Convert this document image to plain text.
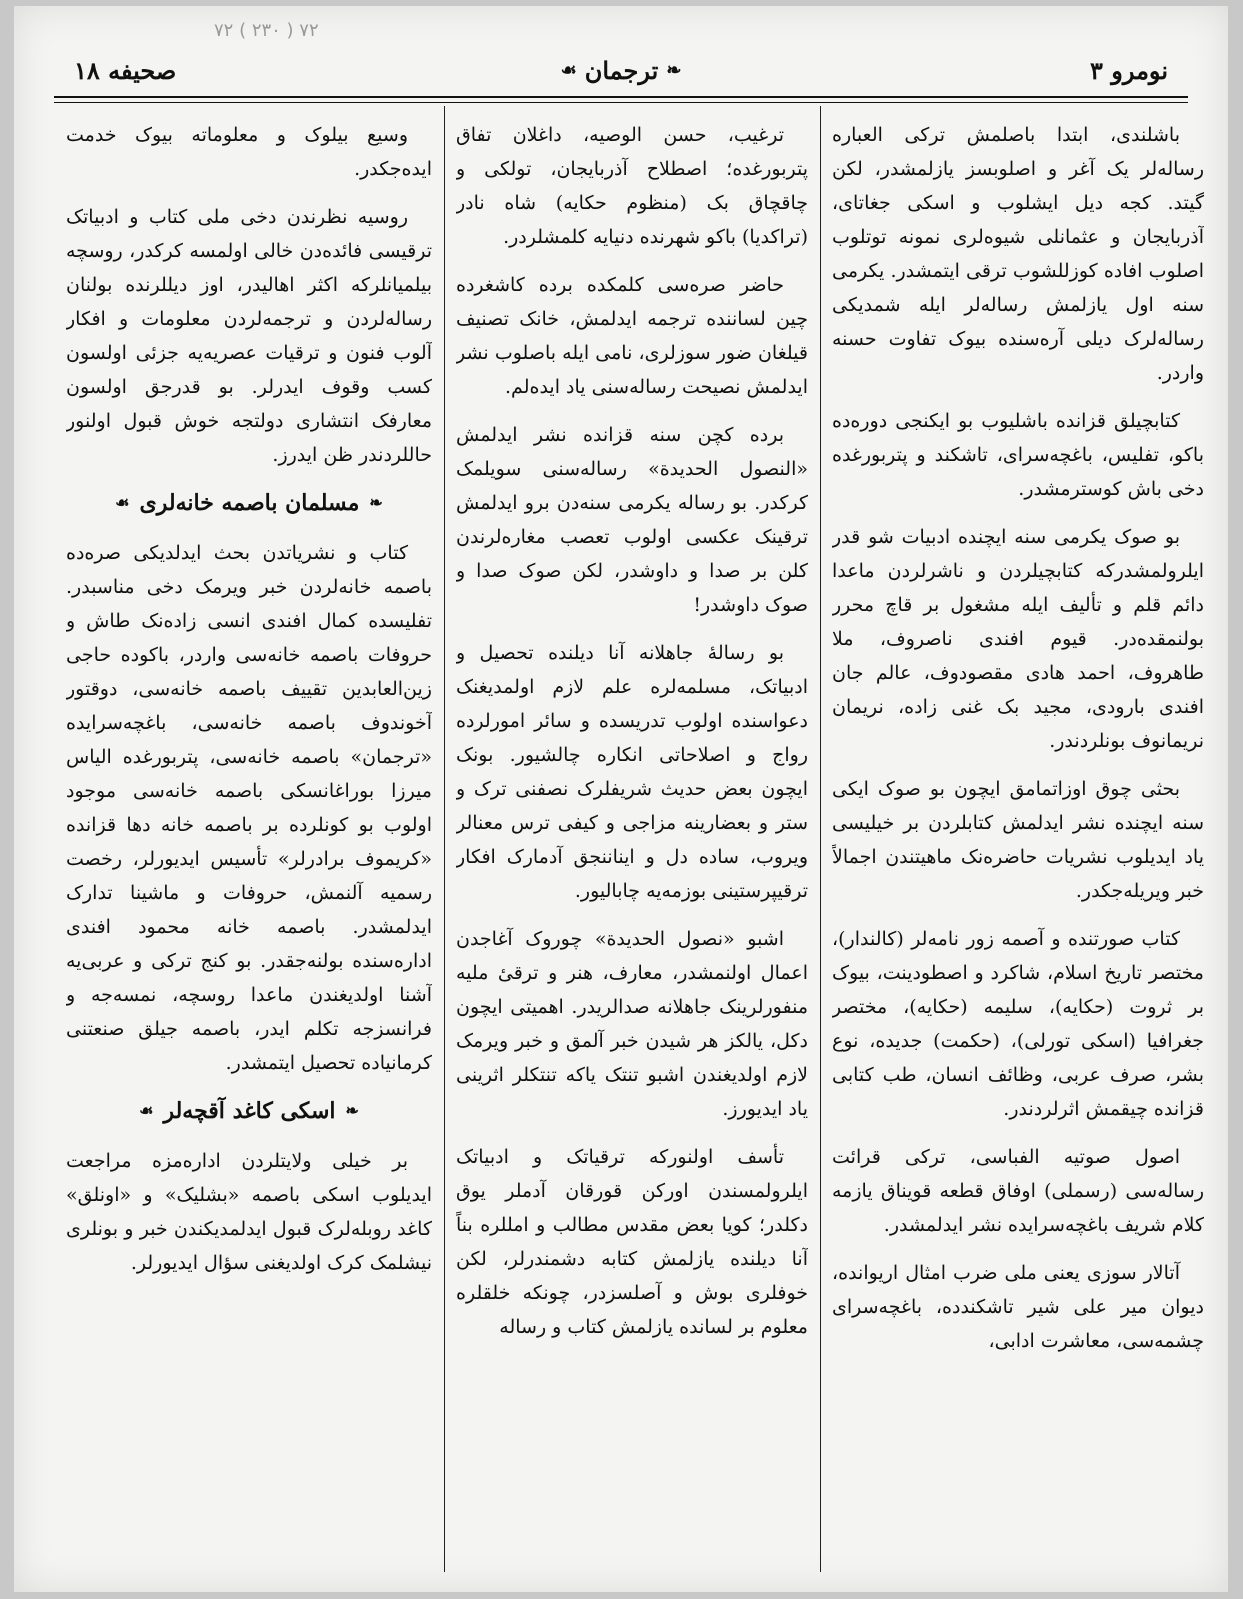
۷۲ ( ۲۳۰ ) ۷۲
نومرو ۳
❧
ترجمان
☙
صحیفه ۱۸

باشلندی، ابتدا باصلمش ترکی العباره رساله‌لر یک آغر و اصلوبسز یازلمشدر، لکن گیتد. کجه دیل ایشلوب و اسکی جغاتای، آذربایجان و عثمانلی شیوه‌لری نمونه توتلوب اصلوب افاده کوزللشوب ترقی ایتمشدر. یکرمی سنه اول یازلمش رساله‌لر ایله شمدیکی رساله‌لرک دیلی آره‌سنده بیوک تفاوت حسنه واردر.

کتابچیلق قزانده باشلیوب بو ایکنجی دوره‌ده باکو، تفلیس، باغچه‌سرای، تاشکند و پتربورغده دخی باش کوسترمشدر.

بو صوک یکرمی سنه ایچنده ادبیات شو قدر ایلرولمشدرکه کتابچیلردن و ناشرلردن ماعدا دائم قلم و تألیف ایله مشغول بر قاچ محرر بولنمقده‌در. قیوم افندی ناصروف، ملا طاهروف، احمد هادی مقصودوف، عالم جان افندی بارودی، مجید بک غنی زاده، نریمان نریمانوف بونلردندر.

بحثی چوق اوزاتمامق ایچون بو صوک ایکی سنه ایچنده نشر ایدلمش کتابلردن بر خیلیسی یاد ایدیلوب نشریات حاضره‌نک ماهیتندن اجمالاً خبر ویریله‌جکدر.

کتاب صورتنده و آصمه زور نامه‌لر (کالندار)، مختصر تاریخ اسلام، شاکرد و اصطودینت، بیوک بر ثروت (حکایه)، سلیمه (حکایه)، مختصر جغرافیا (اسکی تورلی)، (حکمت) جدیده، نوع بشر، صرف عربی، وظائف انسان، طب کتابی قزانده چیقمش اثرلردندر.

اصول صوتیه الفباسی، ترکی قرائت رساله‌سی (رسملی) اوفاق قطعه قویناق یازمه کلام شریف باغچه‌سرایده نشر ایدلمشدر.

آتالار سوزی یعنی ملی ضرب امثال اریوانده، دیوان میر علی شیر تاشکندده، باغچه‌سرای چشمه‌سی، معاشرت ادابی،

ترغیب، حسن الوصیه، داغلان تفاق پتربورغده؛ اصطلاح آذربایجان، تولکی و چاقچاق بک (منظوم حکایه) شاه نادر (تراکدیا) باکو شهرنده دنیایه کلمشلردر.

حاضر صره‌سی کلمکده برده کاشغرده چین لساننده ترجمه ایدلمش، خانک تصنیف قیلغان ضور سوزلری، نامی ایله باصلوب نشر ایدلمش نصیحت رساله‌سنی یاد ایده‌لم.

برده کچن سنه قزانده نشر ایدلمش «النصول الحدیدة» رساله‌سنی سویلمک کرکدر. بو رساله یکرمی سنه‌دن برو ایدلمش ترقینک عکسی اولوب تعصب مغاره‌لرندن کلن بر صدا و داوشدر، لکن صوک صدا و صوک داوشدر!

بو رسالهٔ جاهلانه آنا دیلنده تحصیل و ادبیاتک، مسلمه‌لره علم لازم اولمدیغنک دعواسنده اولوب تدریسده و سائر امورلرده رواج و اصلاحاتی انکاره چالشیور. بونک ایچون بعض حدیث شریفلرک نصفنی ترک و ستر و بعضارینه مزاجی و کیفی ترس معنالر ویروب، ساده دل و ایناننجق آدمارک افکار ترقیپرستینی بوزمه‌یه چابالیور.

اشبو «نصول الحدیدة» چوروک آغاجدن اعمال اولنمشدر، معارف، هنر و ترقیٔ ملیه منفورلرینک جاهلانه صدالریدر. اهمیتی ایچون دکل، یالکز هر شیدن خبر آلمق و خبر ویرمک لازم اولدیغندن اشبو تنتک یاکه تنتکلر اثرینی یاد ایدیورز.

تأسف اولنورکه ترقیاتک و ادبیاتک ایلرولمسندن اورکن قورقان آدملر یوق دکلدر؛ کویا بعض مقدس مطالب و امللره بناً آنا دیلنده یازلمش کتابه دشمندرلر، لکن خوفلری بوش و آصلسزدر، چونکه خلقلره معلوم بر لسانده یازلمش کتاب و رساله

وسیع بیلوک و معلوماته بیوک خدمت ایده‌جکدر.

روسیه نظرندن دخی ملی کتاب و ادبیاتک ترقیسی فائده‌دن خالی اولمسه کرکدر، روسچه بیلمیانلرکه اکثر اهالیدر، اوز دیللرنده بولنان رساله‌لردن و ترجمه‌لردن معلومات و افکار آلوب فنون و ترقیات عصریه‌یه جزئی اولسون کسب وقوف ایدرلر. بو قدرجق اولسون معارفک انتشاری دولتجه خوش قبول اولنور حاللردندر ظن ایدرز.

❧
مسلمان باصمه خانه‌لری
☙

کتاب و نشریاتدن بحث ایدلدیکی صره‌ده باصمه خانه‌لردن خبر ویرمک دخی مناسبدر. تفلیسده کمال افندی انسی زاده‌نک طاش و حروفات باصمه خانه‌سی واردر، باکوده حاجی زین‌العابدین تقییف باصمه خانه‌سی، دوقتور آخوندوف باصمه خانه‌سی، باغچه‌سرایده «ترجمان» باصمه خانه‌سی، پتربورغده الیاس میرزا بوراغانسکی باصمه خانه‌سی موجود اولوب بو کونلرده بر باصمه خانه دها قزانده «کریموف برادرلر» تأسیس ایدیورلر، رخصت رسمیه آلنمش، حروفات و ماشینا تدارک ایدلمشدر. باصمه خانه محمود افندی اداره‌سنده بولنه‌جقدر. بو کنج ترکی و عربی‌یه آشنا اولدیغندن ماعدا روسچه، نمسه‌جه و فرانسزجه تکلم ایدر، باصمه جیلق صنعتنی کرمانیاده تحصیل ایتمشدر.

❧
اسکی کاغد آقچه‌لر
☙

بر خیلی ولایتلردن اداره‌مزه مراجعت ایدیلوب اسکی باصمه «بشلیک» و «اونلق» کاغد روبله‌لرک قبول ایدلمدیکندن خبر و بونلری نیشلمک کرک اولدیغنی سؤال ایدیورلر.
